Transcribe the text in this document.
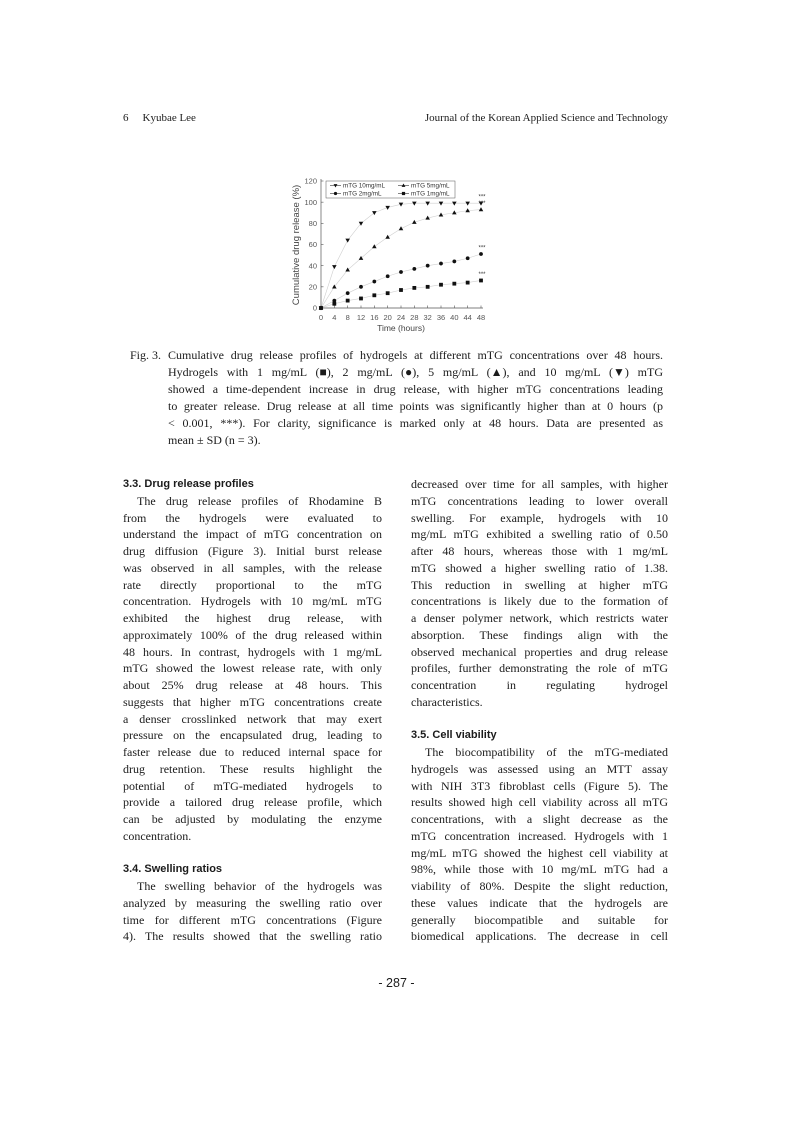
6 Kyubae Lee	Journal of the Korean Applied Science and Technology
0
20
40
60
80
100
120
0 4 8 12 16 20 24 28 32 36 40 44 48
Time (hours)
Cumulative drug release (%)	***
***
***
***
mTG 10mg/mL	mTG 5mg/mL
mTG 2mg/mL	mTG 1mg/mL
Fig. 3. Cumulative drug release profiles of hydrogels at different mTG concentrations over 48 hours.
Hydrogels with 1 mg/mL (■), 2 mg/mL (●), 5 mg/mL (▲), and 10 mg/mL (▼) mTG
showed a time-dependent increase in drug release, with higher mTG concentrations leading
to greater release. Drug release at all time points was significantly higher than at 0 hours (p
< 0.001, ***). For clarity, significance is marked only at 48 hours. Data are presented as
mean ± SD (n = 3).
3.3. Drug release profiles
The drug release profiles of Rhodamine B
from the hydrogels were evaluated to
understand the impact of mTG concentration on
drug diffusion (Figure 3). Initial burst release
was observed in all samples, with the release
rate directly proportional to the mTG
concentration. Hydrogels with 10 mg/mL mTG
exhibited the highest drug release, with
approximately 100% of the drug released within
48 hours. In contrast, hydrogels with 1 mg/mL
mTG showed the lowest release rate, with only
about 25% drug release at 48 hours. This
suggests that higher mTG concentrations create
a denser crosslinked network that may exert
pressure on the encapsulated drug, leading to
faster release due to reduced internal space for
drug retention. These results highlight the
potential of mTG-mediated hydrogels to
provide a tailored drug release profile, which
can be adjusted by modulating the enzyme
concentration.
3.4. Swelling ratios
The swelling behavior of the hydrogels was
analyzed by measuring the swelling ratio over
time for different mTG concentrations (Figure
4). The results showed that the swelling ratio
decreased over time for all samples, with higher
mTG concentrations leading to lower overall
swelling. For example, hydrogels with 10
mg/mL mTG exhibited a swelling ratio of 0.50
after 48 hours, whereas those with 1 mg/mL
mTG showed a higher swelling ratio of 1.38.
This reduction in swelling at higher mTG
concentrations is likely due to the formation of
a denser polymer network, which restricts water
absorption. These findings align with the
observed mechanical properties and drug release
profiles, further demonstrating the role of mTG
concentration in regulating hydrogel
characteristics.
3.5. Cell viability
The biocompatibility of the mTG-mediated
hydrogels was assessed using an MTT assay
with NIH 3T3 fibroblast cells (Figure 5). The
results showed high cell viability across all mTG
concentrations, with a slight decrease as the
mTG concentration increased. Hydrogels with 1
mg/mL mTG showed the highest cell viability at
98%, while those with 10 mg/mL mTG had a
viability of 80%. Despite the slight reduction,
these values indicate that the hydrogels are
generally biocompatible and suitable for
biomedical applications. The decrease in cell
- 287 -
